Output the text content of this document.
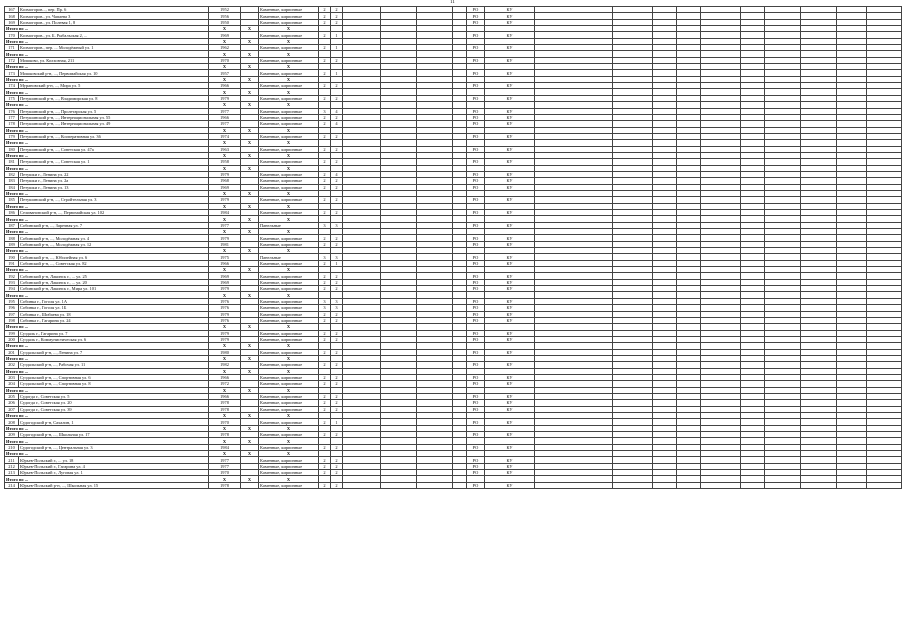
11
167	Колмогоров..., пер. Пр. 6	1952		Каменные, кирпичные	2	2					РО	КУ										
168	Колмогоров., ул. Чапаева 3	1956		Каменные, кирпичные	2	2					РО	КУ										
169	Колмогоров., ул. Полевая 1, 8	1950		Каменные, кирпичные	2	2					РО	КУ										
Итого по ...		Х	Х	Х																		
170	Колмогоров., ул. Б. Рыбальская 2, ...	1969		Каменные, кирпичные	2	1					РО	КУ										
Итого по ...		Х	Х	Х																		
171	Колмогоров., пер. ... Молодёжный ул. 1	1962		Каменные, кирпичные	2	1					РО	КУ										
Итого по ...		Х	Х	Х																		
172	Мошково, ул. Колхозная, 211	1970		Каменные, кирпичные	2	2					РО	КУ										
Итого по ...		Х	Х	Х																		
173	Мошковский р-н, ..., Первомайская ул. 10	1957		Каменные, кирпичные	2	1					РО	КУ										
Итого по ...		Х	Х	Х																		
174	Мурановский р-н, ..., Мира ул. 5	1966		Каменные, кирпичные	2	2					РО	КУ										
Итого по ...		Х	Х	Х																		
175	Петушинский р-н, ..., Владимирская ул. 8	1979		Каменные, кирпичные	2	2					РО	КУ										
Итого по ...		Х	Х	Х																		
176	Петушинский р-н, ..., Пролетарская ул. 5	1977		Каменные, кирпичные	3	4					РО	КУ										
177	Петушинский р-н, ..., Интернациональная ул. 55	1966		Каменные, кирпичные	2	2					РО	КУ										
178	Петушинский р-н, ..., Интернациональная ул. 49	1977		Каменные, кирпичные	2	4					РО	КУ										
Итого по ...		Х	Х	Х																		
179	Петушинский р-н, ..., Кооперативная ул. 36	1974		Каменные, кирпичные	2	2					РО	КУ										
Итого по ...		Х	Х	Х																		
180	Петушинский р-н, ..., Советская ул. 47а	1963		Каменные, кирпичные	2	2					РО	КУ										
Итого по ...		Х	Х	Х																		
181	Петушинский р-н, ..., Советская ул. 1	1958		Каменные, кирпичные	2	2					РО	КУ										
Итого по ...		Х	Х	Х																		
182	Петушки г., Ленина ул. 22	1979		Каменные, кирпичные	2	4					РО	КУ										
183	Петушки г., Ленина ул. 2а	1968		Каменные, кирпичные	2	2					РО	КУ										
184	Петушки г., Ленина ул. 13	1969		Каменные, кирпичные	2	2					РО	КУ										
Итого по ...		Х	Х	Х																		
185	Петушинский р-н, ..., Стройтельная ул. 3	1979		Каменные, кирпичные	2	2					РО	КУ										
Итого по ...		Х	Х	Х																		
186	Селивановский р-н, ..., Первомайская ул. 102	1984		Каменные, кирпичные	2	2					РО	КУ										
Итого по ...		Х	Х	Х																		
187	Собинский р-н, ..., Заречная ул. 7	1977		Панельные	3	3					РО	КУ										
Итого по ...		Х	Х	Х																		
188	Собинский р-н, ..., Молодёжная ул. 4	1979		Каменные, кирпичные	2	2					РО	КУ										
189	Собинский р-н, ..., Молодёжная ул. 12	1981		Каменные, кирпичные	2	2					РО	КУ										
Итого по ...		Х	Х	Х																		
190	Собинский р-н, ..., Юбилейная ул. 6	1975		Панельные	3	3					РО	КУ										
191	Собинский р-н, ..., Советская ул. 82	1966		Каменные, кирпичные	2	1					РО	КУ										
Итого по ...		Х	Х	Х																		
192	Собинский р-н, Лакинск г., ... ул. 25	1969		Каменные, кирпичные	2	2					РО	КУ										
193	Собинский р-н, Лакинск г., ... ул. 20	1969		Каменные, кирпичные	2	2					РО	КУ										
194	Собинский р-н, Лакинск г., Мира ул. 101	1979		Каменные, кирпичные	2	2					РО	КУ										
Итого по ...		Х	Х	Х																		
195	Собинка г., Гоголя ул. 1А	1976		Каменные, кирпичные	3	3					РО	КУ										
196	Собинка г., Гоголя ул. 1Б	1976		Каменные, кирпичные	3	3					РО	КУ										
197	Собинка г., Шибаева ул. 18	1979		Каменные, кирпичные	2	2					РО	КУ										
198	Собинка г., Гагарина ул. 24	1976		Каменные, кирпичные	2	2					РО	КУ										
Итого по ...		Х	Х	Х																		
199	Суздаль г., Гагарина ул. 7	1979		Каменные, кирпичные	2	2					РО	КУ										
200	Суздаль г., Коммунистическая ул. 6	1979		Каменные, кирпичные	2	2					РО	КУ										
Итого по ...		Х	Х	Х																		
201	Суздальский р-н, ..., Ленина ул. 7	1980		Каменные, кирпичные	2	2					РО	КУ										
Итого по ...		Х	Х	Х																		
202	Суздальский р-н, ..., Рабочая ул. 11	1982		Каменные, кирпичные	2	2					РО	КУ										
Итого по ...		Х	Х	Х																		
203	Суздальский р-н, ..., Спортивная ул. 6	1966		Каменные, кирпичные	2	2					РО	КУ										
204	Суздальский р-н, ..., Спортивная ул. 8	1972		Каменные, кирпичные	2	2					РО	КУ										
Итого по ...		Х	Х	Х																		
205	Судогда г., Советская ул. 5	1966		Каменные, кирпичные	2	2					РО	КУ										
206	Судогда г., Советская ул. 20	1978		Каменные, кирпичные	2	2					РО	КУ										
207	Судогда г., Советская ул. 39	1978		Каменные, кирпичные	2	2					РО	КУ										
Итого по ...		Х	Х	Х																		
208	Судогодский р-н, Сахалин, 1	1970		Каменные, кирпичные	2	1					РО	КУ										
Итого по ...		Х	Х	Х																		
209	Судогодский р-н, ..., Школьная ул. 17	1978		Каменные, кирпичные	2	2					РО	КУ										
Итого по ...		Х	Х	Х																		
210	Судогодский р-н, ..., Центральная ул. 3	1984		Каменные, кирпичные	2	2					РО	КУ										
Итого по ...		Х	Х	Х																		
211	Юрьев-Польский г., ... ул. 18	1977		Каменные, кирпичные	2	2					РО	КУ										
212	Юрьев-Польский г., Гагарина ул. 4	1977		Каменные, кирпичные	2	2					РО	КУ										
213	Юрьев-Польский г., Луговая ул. 1	1970		Каменные, кирпичные	2	2					РО	КУ										
Итого по ...		Х	Х	Х																		
214	Юрьев-Польский р-н, ..., Школьная ул. 15	1978		Каменные, кирпичные	2	2					РО	КУ										
